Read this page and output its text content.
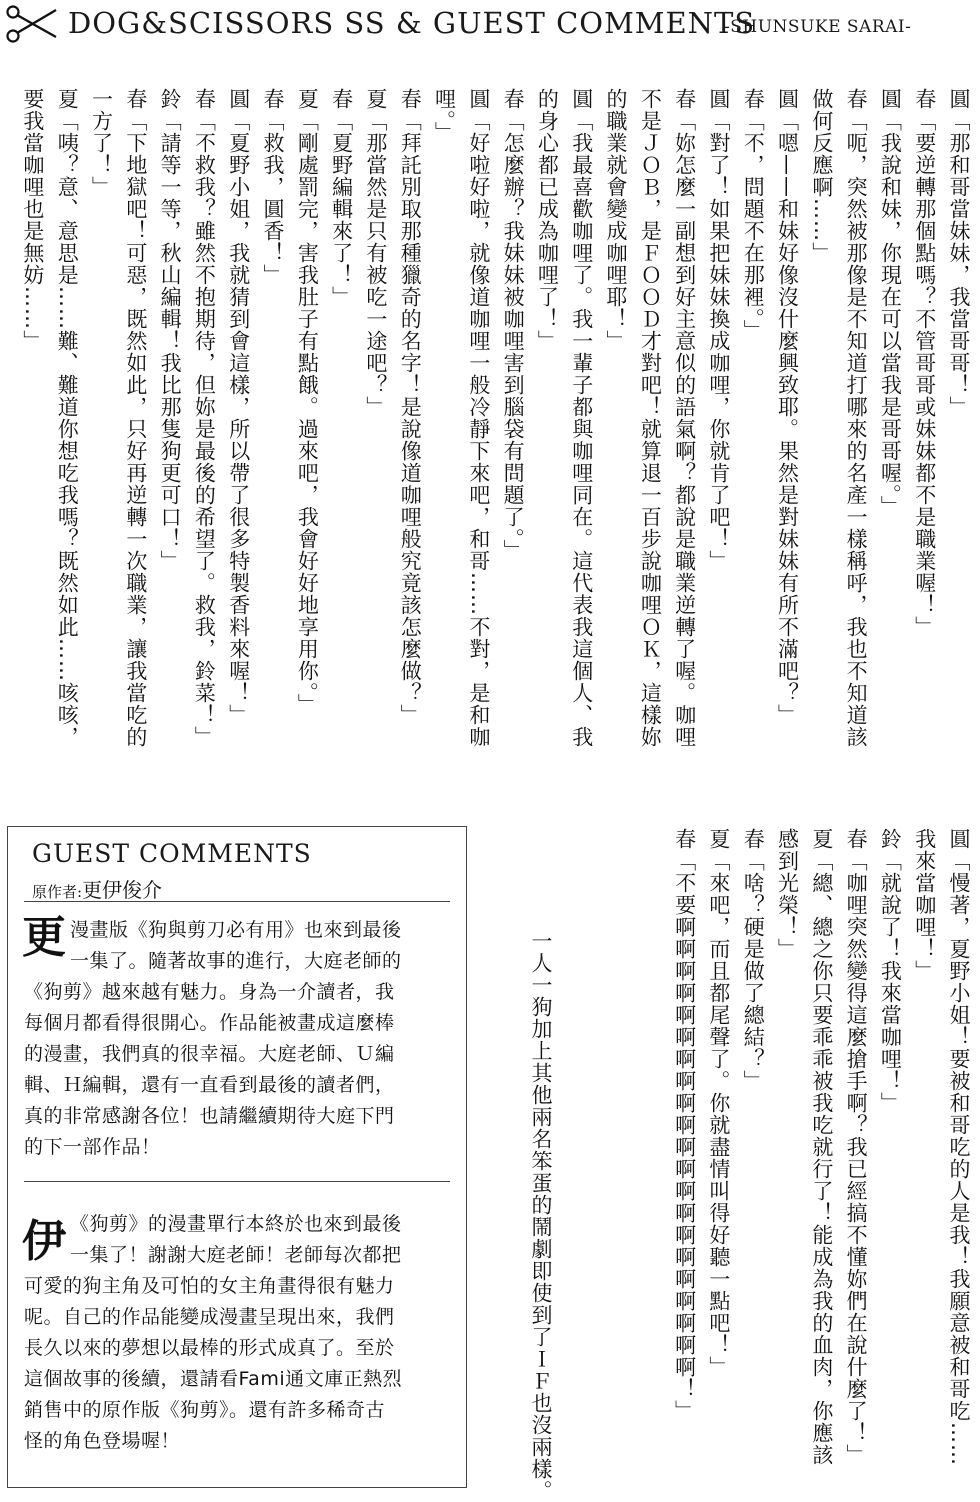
DOG&SCISSORS SS & GUEST COMMENTS
-SHUNSUKE SARAI-
圓「那和哥當妹妹，我當哥哥！」
春「要逆轉那個點嗎？不管哥哥或妹妹都不是職業喔！」
圓「我說和妹，你現在可以當我是哥哥喔。」
春「呃，突然被那像是不知道打哪來的名產一樣稱呼，我也不知道該
做何反應啊……」
圓「嗯——和妹好像沒什麼興致耶。果然是對妹妹有所不滿吧？」
春「不，問題不在那裡。」
圓「對了！如果把妹妹換成咖哩，你就肯了吧！」
春「妳怎麼一副想到好主意似的語氣啊？都說是職業逆轉了喔。咖哩
不是ＪＯＢ，是ＦＯＯＤ才對吧！就算退一百步說咖哩ＯＫ，這樣妳
的職業就會變成咖哩耶！」
圓「我最喜歡咖哩了。我一輩子都與咖哩同在。這代表我這個人、我
的身心都已成為咖哩了！」
春「怎麼辦？我妹妹被咖哩害到腦袋有問題了。」
圓「好啦好啦，就像道咖哩一般冷靜下來吧，和哥……不對，是和咖
哩。」
春「拜託別取那種獵奇的名字！是說像道咖哩般究竟該怎麼做？」
夏「那當然是只有被吃一途吧？」
春「夏野編輯來了！」
夏「剛處罰完，害我肚子有點餓。過來吧，我會好好地享用你。」
春「救我，圓香！」
圓「夏野小姐，我就猜到會這樣，所以帶了很多特製香料來喔！」
春「不救我？雖然不抱期待，但妳是最後的希望了。救我，鈴菜！」
鈴「請等一等，秋山編輯！我比那隻狗更可口！」
春「下地獄吧！可惡，既然如此，只好再逆轉一次職業，讓我當吃的
一方了！」
夏「咦？意、意思是……難、難道你想吃我嗎？既然如此……咳咳，
要我當咖哩也是無妨……」
圓「慢著，夏野小姐！要被和哥吃的人是我！我願意被和哥吃……
我來當咖哩！」
鈴「就說了！我來當咖哩！」
春「咖哩突然變得這麼搶手啊？我已經搞不懂妳們在說什麼了！」
夏「總、總之你只要乖乖被我吃就行了！能成為我的血肉，你應該
感到光榮！」
春「啥？硬是做了總結？」
夏「來吧，而且都尾聲了。你就盡情叫得好聽一點吧！」
春「不要啊啊啊啊啊啊啊啊啊啊啊啊啊啊啊啊啊啊啊啊啊！」
一人一狗加上其他兩名笨蛋的鬧劇即使到了ＩＦ也沒兩樣。
GUEST COMMENTS
原作者:更伊俊介
更 漫畫版《狗與剪刀必有用》也來到最後
一集了。隨著故事的進行，大庭老師的
《狗剪》越來越有魅力。身為一介讀者，我
每個月都看得很開心。作品能被畫成這麼棒
的漫畫，我們真的很幸福。大庭老師、Ｕ編
輯、Ｈ編輯，還有一直看到最後的讀者們，
真的非常感謝各位！也請繼續期待大庭下門
的下一部作品！
伊 《狗剪》的漫畫單行本終於也來到最後
一集了！謝謝大庭老師！老師每次都把
可愛的狗主角及可怕的女主角畫得很有魅力
呢。自己的作品能變成漫畫呈現出來，我們
長久以來的夢想以最棒的形式成真了。至於
這個故事的後續，還請看Fami通文庫正熱烈
銷售中的原作版《狗剪》。還有許多稀奇古
怪的角色登場喔！
